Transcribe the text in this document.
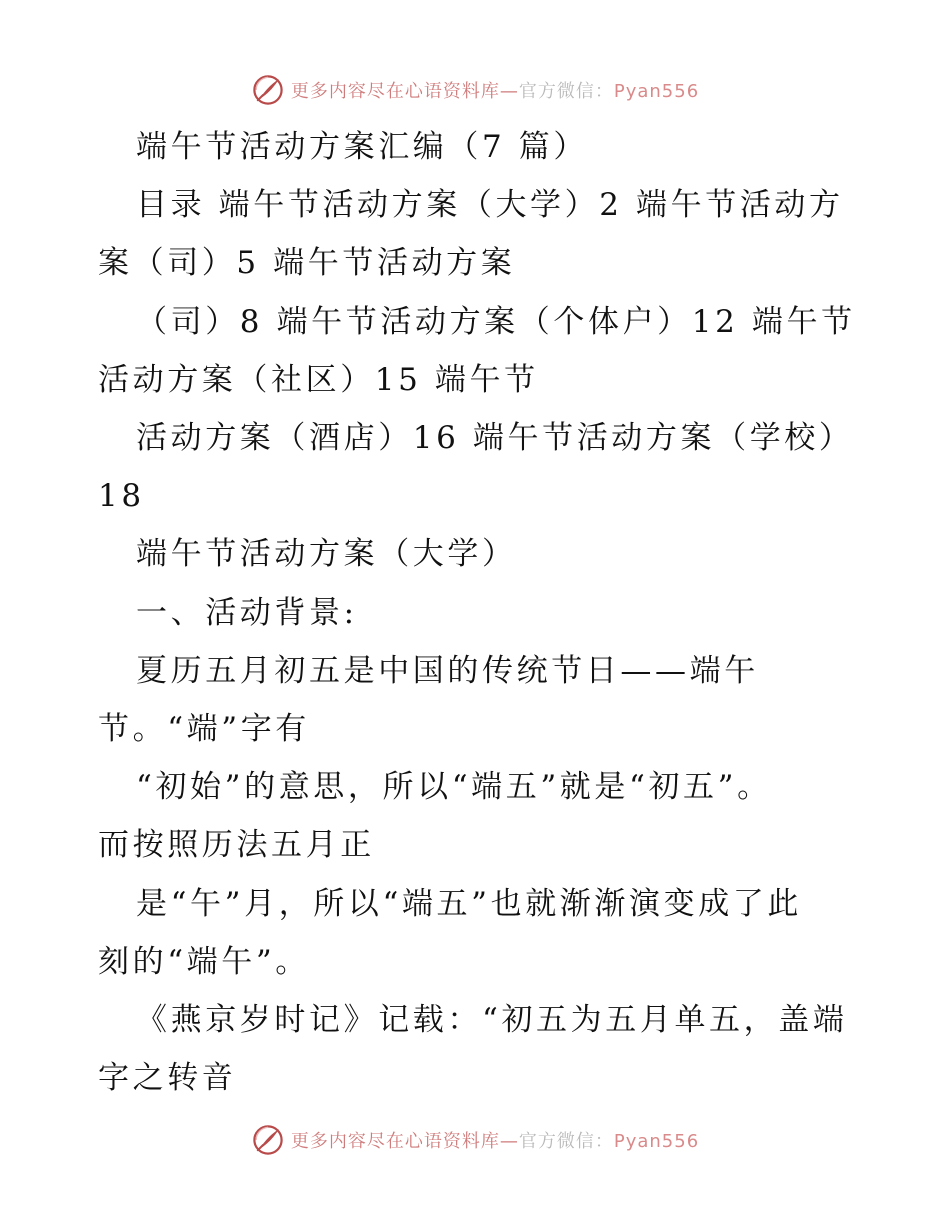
更多内容尽在心语资料库—官方微信：Pyan556

端午节活动方案汇编（7 篇）

目录 端午节活动方案（大学）2 端午节活动方

案（司）5 端午节活动方案

（司）8 端午节活动方案（个体户）12 端午节

活动方案（社区）15 端午节

活动方案（酒店）16 端午节活动方案（学校）

18

端午节活动方案（大学）

一、活动背景:

夏历五月初五是中国的传统节日——端午

节。“端”字有

“初始”的意思，所以“端五”就是“初五”。

而按照历法五月正

是“午”月，所以“端五”也就渐渐演变成了此

刻的“端午”。

《燕京岁时记》记载：“初五为五月单五，盖端

字之转音

更多内容尽在心语资料库—官方微信：Pyan556
